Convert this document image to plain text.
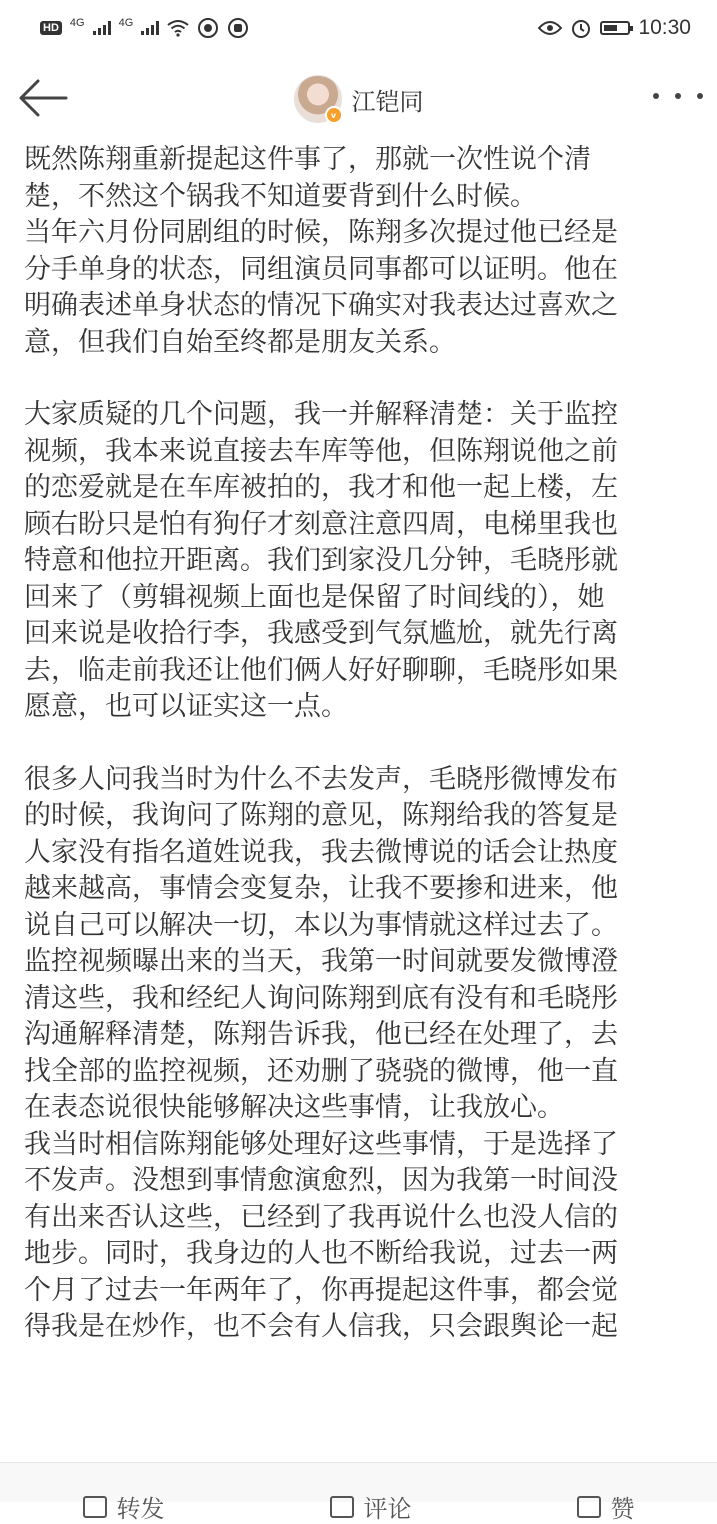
HD 4G	4G	10:30
v 江铠同

既然陈翔重新提起这件事了，那就一次性说个清
楚，不然这个锅我不知道要背到什么时候。
当年六月份同剧组的时候，陈翔多次提过他已经是
分手单身的状态，同组演员同事都可以证明。他在
明确表述单身状态的情况下确实对我表达过喜欢之
意，但我们自始至终都是朋友关系。

大家质疑的几个问题，我一并解释清楚：关于监控
视频，我本来说直接去车库等他，但陈翔说他之前
的恋爱就是在车库被拍的，我才和他一起上楼，左
顾右盼只是怕有狗仔才刻意注意四周，电梯里我也
特意和他拉开距离。我们到家没几分钟，毛晓彤就
回来了（剪辑视频上面也是保留了时间线的），她
回来说是收拾行李，我感受到气氛尴尬，就先行离
去，临走前我还让他们俩人好好聊聊，毛晓彤如果
愿意，也可以证实这一点。

很多人问我当时为什么不去发声，毛晓彤微博发布
的时候，我询问了陈翔的意见，陈翔给我的答复是
人家没有指名道姓说我，我去微博说的话会让热度
越来越高，事情会变复杂，让我不要掺和进来，他
说自己可以解决一切，本以为事情就这样过去了。
监控视频曝出来的当天，我第一时间就要发微博澄
清这些，我和经纪人询问陈翔到底有没有和毛晓彤
沟通解释清楚，陈翔告诉我，他已经在处理了，去
找全部的监控视频，还劝删了骁骁的微博，他一直
在表态说很快能够解决这些事情，让我放心。
我当时相信陈翔能够处理好这些事情，于是选择了
不发声。没想到事情愈演愈烈，因为我第一时间没
有出来否认这些，已经到了我再说什么也没人信的
地步。同时，我身边的人也不断给我说，过去一两
个月了过去一年两年了，你再提起这件事，都会觉
得我是在炒作，也不会有人信我，只会跟舆论一起

转发	评论	赞
